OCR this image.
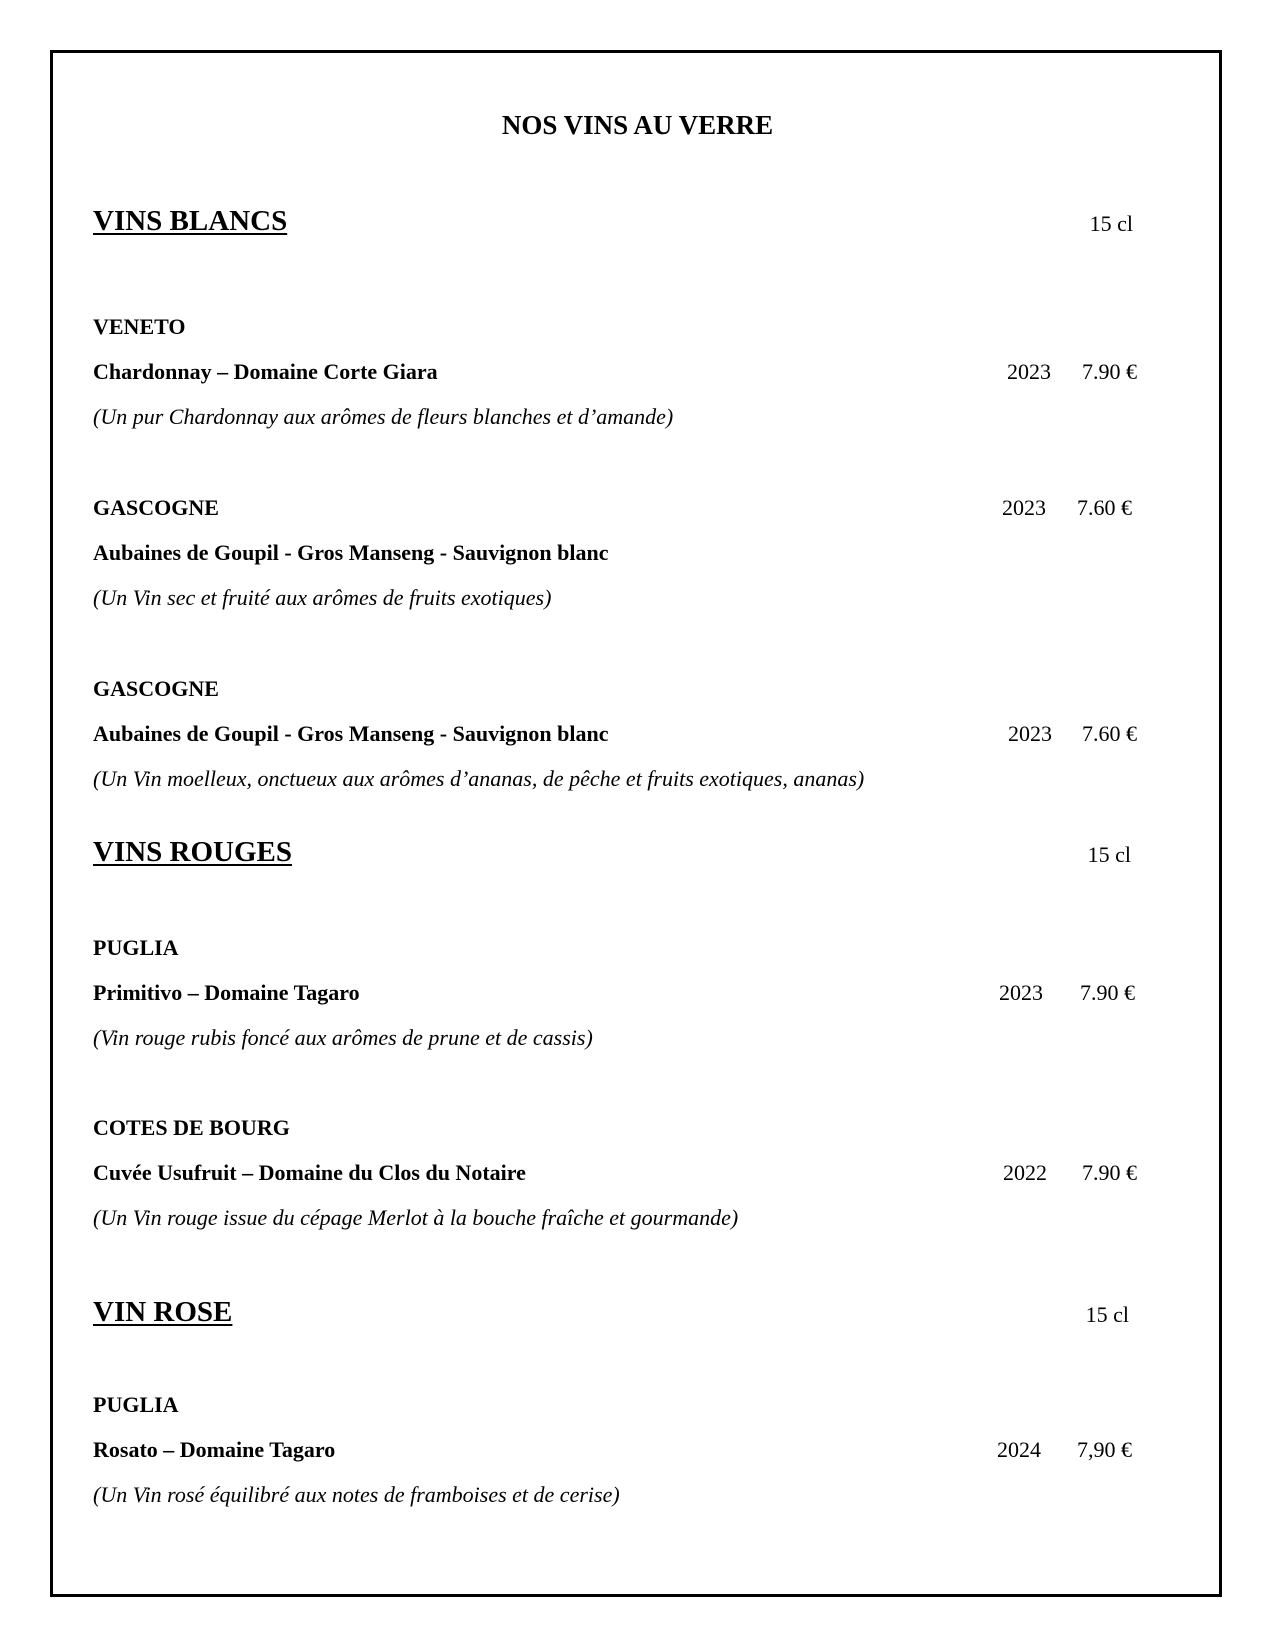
NOS VINS AU VERRE
VINS BLANCS	15 cl
VENETO
Chardonnay – Domaine Corte Giara	2023 7.90 €
(Un pur Chardonnay aux arômes de fleurs blanches et d’amande)
GASCOGNE	2023 7.60 €
Aubaines de Goupil - Gros Manseng - Sauvignon blanc
(Un Vin sec et fruité aux arômes de fruits exotiques)
GASCOGNE
Aubaines de Goupil - Gros Manseng - Sauvignon blanc	2023 7.60 €
(Un Vin moelleux, onctueux aux arômes d’ananas, de pêche et fruits exotiques, ananas)
VINS ROUGES	15 cl
PUGLIA
Primitivo – Domaine Tagaro	2023 7.90 €
(Vin rouge rubis foncé aux arômes de prune et de cassis)
COTES DE BOURG
Cuvée Usufruit – Domaine du Clos du Notaire	2022 7.90 €
(Un Vin rouge issue du cépage Merlot à la bouche fraîche et gourmande)
VIN ROSE	15 cl
PUGLIA
Rosato – Domaine Tagaro	2024 7,90 €
(Un Vin rosé équilibré aux notes de framboises et de cerise)
